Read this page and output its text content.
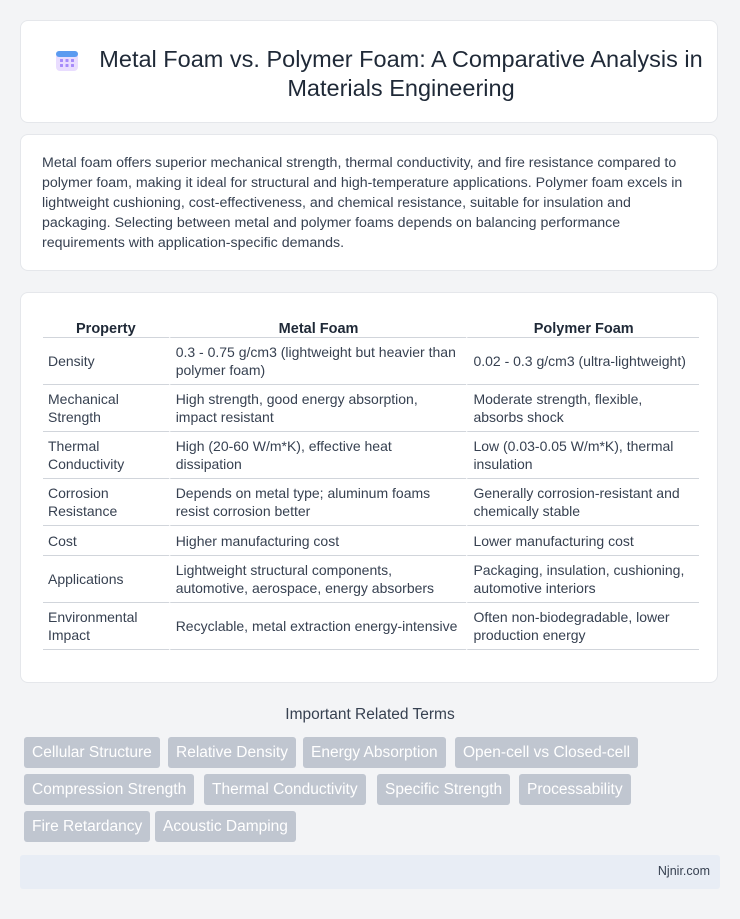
Metal Foam vs. Polymer Foam: A Comparative Analysis in Materials Engineering
Metal foam offers superior mechanical strength, thermal conductivity, and fire resistance compared to polymer foam, making it ideal for structural and high-temperature applications. Polymer foam excels in lightweight cushioning, cost-effectiveness, and chemical resistance, suitable for insulation and packaging. Selecting between metal and polymer foams depends on balancing performance requirements with application-specific demands.
Property	Metal Foam	Polymer Foam
Density	0.3 - 0.75 g/cm3 (lightweight but heavier than polymer foam)	0.02 - 0.3 g/cm3 (ultra-lightweight)
Mechanical Strength	High strength, good energy absorption, impact resistant	Moderate strength, flexible, absorbs shock
Thermal Conductivity	High (20-60 W/m*K), effective heat dissipation	Low (0.03-0.05 W/m*K), thermal insulation
Corrosion Resistance	Depends on metal type; aluminum foams resist corrosion better	Generally corrosion-resistant and chemically stable
Cost	Higher manufacturing cost	Lower manufacturing cost
Applications	Lightweight structural components, automotive, aerospace, energy absorbers	Packaging, insulation, cushioning, automotive interiors
Environmental Impact	Recyclable, metal extraction energy-intensive	Often non-biodegradable, lower production energy
Important Related Terms
Cellular Structure	Relative Density	Energy Absorption	Open-cell vs Closed-cell
Compression Strength	Thermal Conductivity	Specific Strength	Processability
Fire Retardancy	Acoustic Damping
Njnir.com
